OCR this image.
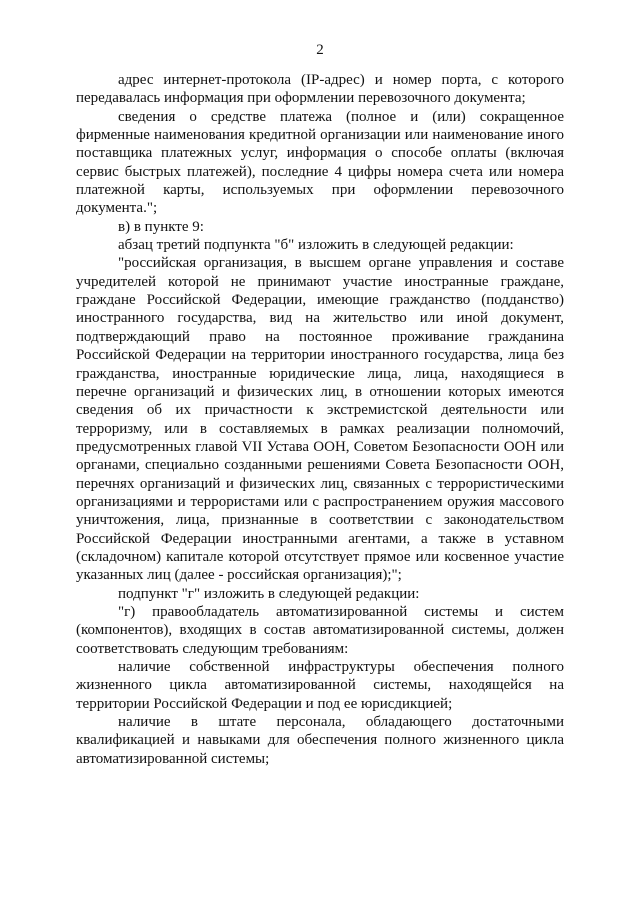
2

адрес интернет-протокола (IP-адрес) и номер порта, с которого передавалась информация при оформлении перевозочного документа;

сведения о средстве платежа (полное и (или) сокращенное фирменные наименования кредитной организации или наименование иного поставщика платежных услуг, информация о способе оплаты (включая сервис быстрых платежей), последние 4 цифры номера счета или номера платежной карты, используемых при оформлении перевозочного документа.";

в) в пункте 9:

абзац третий подпункта "б" изложить в следующей редакции:

"российская организация, в высшем органе управления и составе учредителей которой не принимают участие иностранные граждане, граждане Российской Федерации, имеющие гражданство (подданство) иностранного государства, вид на жительство или иной документ, подтверждающий право на постоянное проживание гражданина Российской Федерации на территории иностранного государства, лица без гражданства, иностранные юридические лица, лица, находящиеся в перечне организаций и физических лиц, в отношении которых имеются сведения об их причастности к экстремистской деятельности или терроризму, или в составляемых в рамках реализации полномочий, предусмотренных главой VII Устава ООН, Советом Безопасности ООН или органами, специально созданными решениями Совета Безопасности ООН, перечнях организаций и физических лиц, связанных с террористическими организациями и террористами или с распространением оружия массового уничтожения, лица, признанные в соответствии с законодательством Российской Федерации иностранными агентами, а также в уставном (складочном) капитале которой отсутствует прямое или косвенное участие указанных лиц (далее - российская организация);";

подпункт "г" изложить в следующей редакции:

"г) правообладатель автоматизированной системы и систем (компонентов), входящих в состав автоматизированной системы, должен соответствовать следующим требованиям:

наличие собственной инфраструктуры обеспечения полного жизненного цикла автоматизированной системы, находящейся на территории Российской Федерации и под ее юрисдикцией;

наличие в штате персонала, обладающего достаточными квалификацией и навыками для обеспечения полного жизненного цикла автоматизированной системы;
